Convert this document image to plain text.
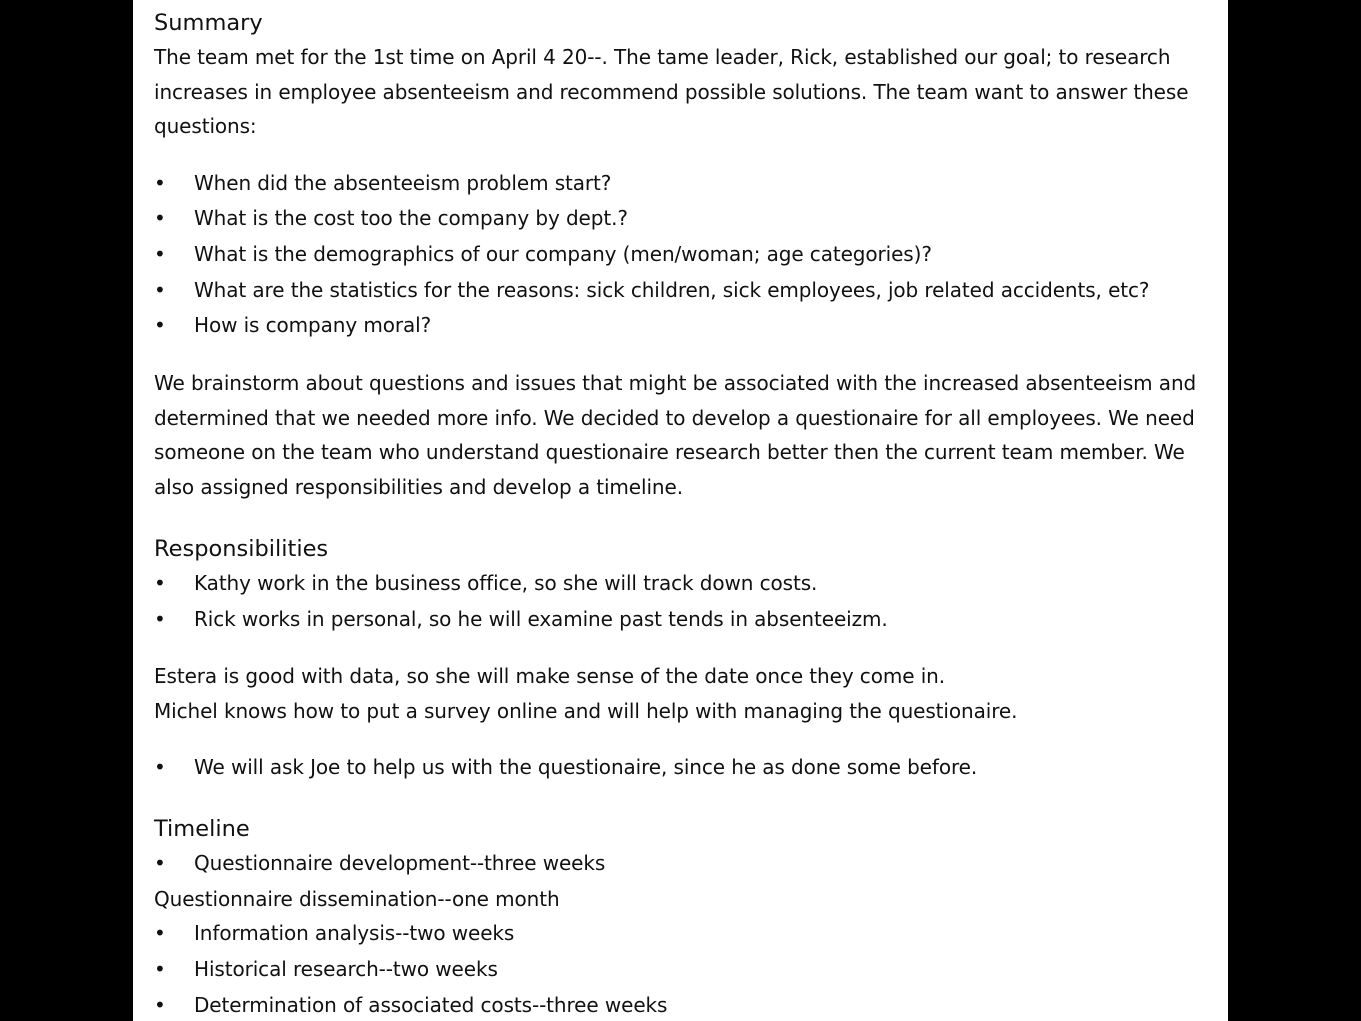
Summary

The team met for the 1st time on April 4 20--. The tame leader, Rick, established our goal; to research increases in employee absenteeism and recommend possible solutions. The team want to answer these questions:

•	When did the absenteeism problem start?
•	What is the cost too the company by dept.?
•	What is the demographics of our company (men/woman; age categories)?
•	What are the statistics for the reasons: sick children, sick employees, job related accidents, etc?
•	How is company moral?

We brainstorm about questions and issues that might be associated with the increased absenteeism and determined that we needed more info. We decided to develop a questionaire for all employees. We need someone on the team who understand questionaire research better then the current team member. We also assigned responsibilities and develop a timeline.

Responsibilities
•	Kathy work in the business office, so she will track down costs.
•	Rick works in personal, so he will examine past tends in absenteeizm.
Estera is good with data, so she will make sense of the date once they come in.
Michel knows how to put a survey online and will help with managing the questionaire.
•	We will ask Joe to help us with the questionaire, since he as done some before.
Timeline
•	Questionnaire development--three weeks
Questionnaire dissemination--one month
•	Information analysis--two weeks
•	Historical research--two weeks
•	Determination of associated costs--three weeks
